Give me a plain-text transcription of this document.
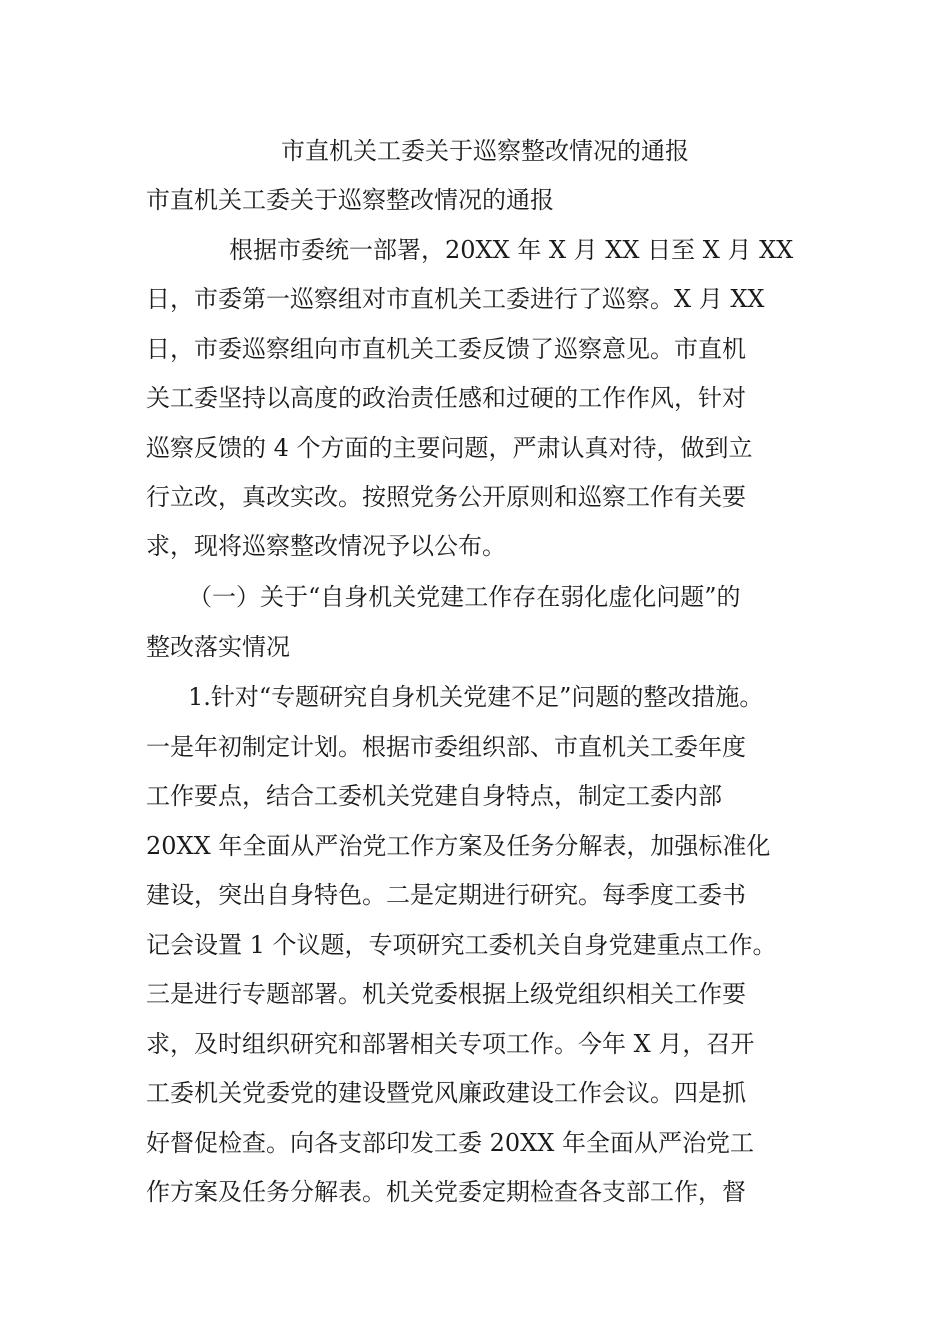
市直机关工委关于巡察整改情况的通报
市直机关工委关于巡察整改情况的通报
根据市委统一部署，20XX 年 X 月 XX 日至 X 月 XX
日，市委第一巡察组对市直机关工委进行了巡察。X 月 XX
日，市委巡察组向市直机关工委反馈了巡察意见。市直机
关工委坚持以高度的政治责任感和过硬的工作作风，针对
巡察反馈的 4 个方面的主要问题，严肃认真对待，做到立
行立改，真改实改。按照党务公开原则和巡察工作有关要
求，现将巡察整改情况予以公布。
（一）关于“自身机关党建工作存在弱化虚化问题”的
整改落实情况
1.针对“专题研究自身机关党建不足”问题的整改措施。
一是年初制定计划。根据市委组织部、市直机关工委年度
工作要点，结合工委机关党建自身特点，制定工委内部
20XX 年全面从严治党工作方案及任务分解表，加强标准化
建设，突出自身特色。二是定期进行研究。每季度工委书
记会设置 1 个议题，专项研究工委机关自身党建重点工作。
三是进行专题部署。机关党委根据上级党组织相关工作要
求，及时组织研究和部署相关专项工作。今年 X 月，召开
工委机关党委党的建设暨党风廉政建设工作会议。四是抓
好督促检查。向各支部印发工委 20XX 年全面从严治党工
作方案及任务分解表。机关党委定期检查各支部工作，督
